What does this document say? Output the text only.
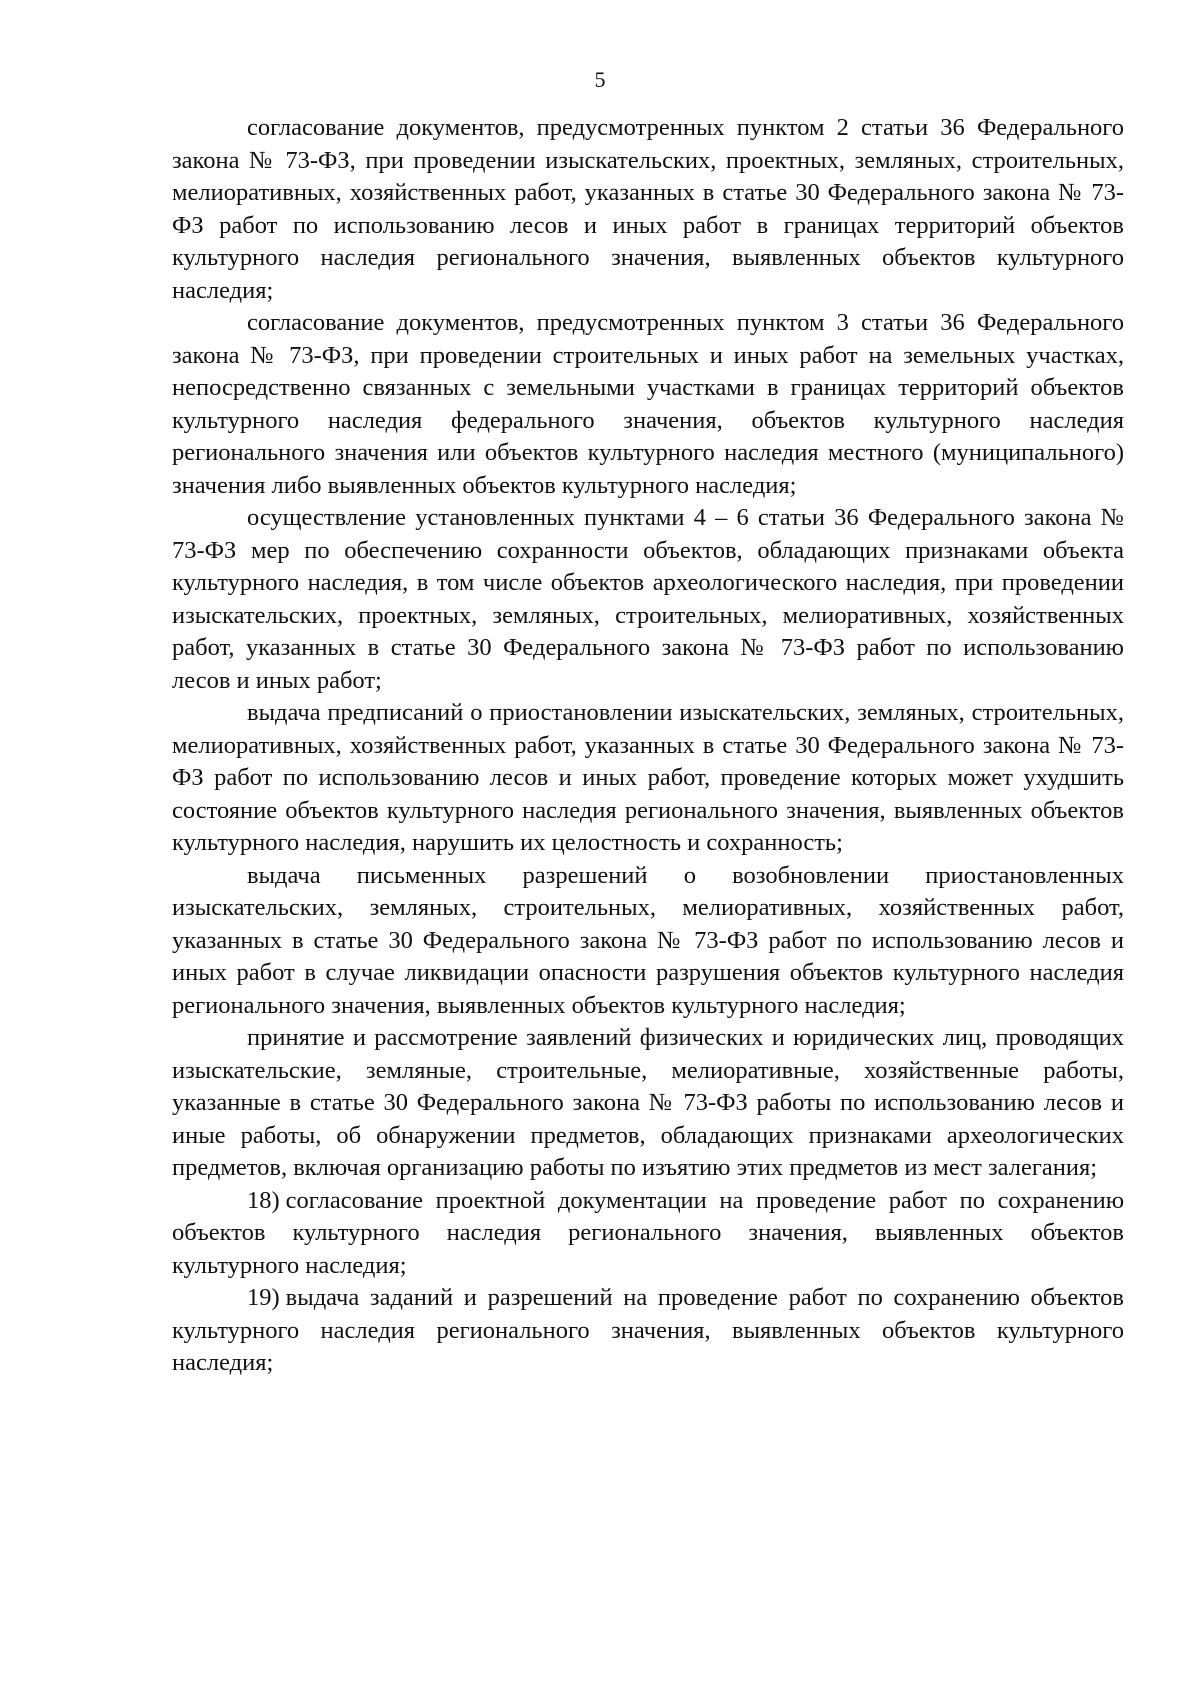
5

согласование документов, предусмотренных пунктом 2 статьи 36 Федерального закона № 73-ФЗ, при проведении изыскательских, проектных, земляных, строительных, мелиоративных, хозяйственных работ, указанных в статье 30 Федерального закона № 73-ФЗ работ по использованию лесов и иных работ в границах территорий объектов культурного наследия регионального значения, выявленных объектов культурного наследия;

согласование документов, предусмотренных пунктом 3 статьи 36 Федерального закона № 73-ФЗ, при проведении строительных и иных работ на земельных участках, непосредственно связанных с земельными участками в границах территорий объектов культурного наследия федерального значения, объектов культурного наследия регионального значения или объектов культурного наследия местного (муниципального) значения либо выявленных объектов культурного наследия;

осуществление установленных пунктами 4 – 6 статьи 36 Федерального закона № 73-ФЗ мер по обеспечению сохранности объектов, обладающих признаками объекта культурного наследия, в том числе объектов археологического наследия, при проведении изыскательских, проектных, земляных, строительных, мелиоративных, хозяйственных работ, указанных в статье 30 Федерального закона № 73-ФЗ работ по использованию лесов и иных работ;

выдача предписаний о приостановлении изыскательских, земляных, строительных, мелиоративных, хозяйственных работ, указанных в статье 30 Федерального закона № 73-ФЗ работ по использованию лесов и иных работ, проведение которых может ухудшить состояние объектов культурного наследия регионального значения, выявленных объектов культурного наследия, нарушить их целостность и сохранность;

выдача письменных разрешений о возобновлении приостановленных изыскательских, земляных, строительных, мелиоративных, хозяйственных работ, указанных в статье 30 Федерального закона № 73-ФЗ работ по использованию лесов и иных работ в случае ликвидации опасности разрушения объектов культурного наследия регионального значения, выявленных объектов культурного наследия;

принятие и рассмотрение заявлений физических и юридических лиц, проводящих изыскательские, земляные, строительные, мелиоративные, хозяйственные работы, указанные в статье 30 Федерального закона № 73-ФЗ работы по использованию лесов и иные работы, об обнаружении предметов, обладающих признаками археологических предметов, включая организацию работы по изъятию этих предметов из мест залегания;

18) согласование проектной документации на проведение работ по сохранению объектов культурного наследия регионального значения, выявленных объектов культурного наследия;

19) выдача заданий и разрешений на проведение работ по сохранению объектов культурного наследия регионального значения, выявленных объектов культурного наследия;
